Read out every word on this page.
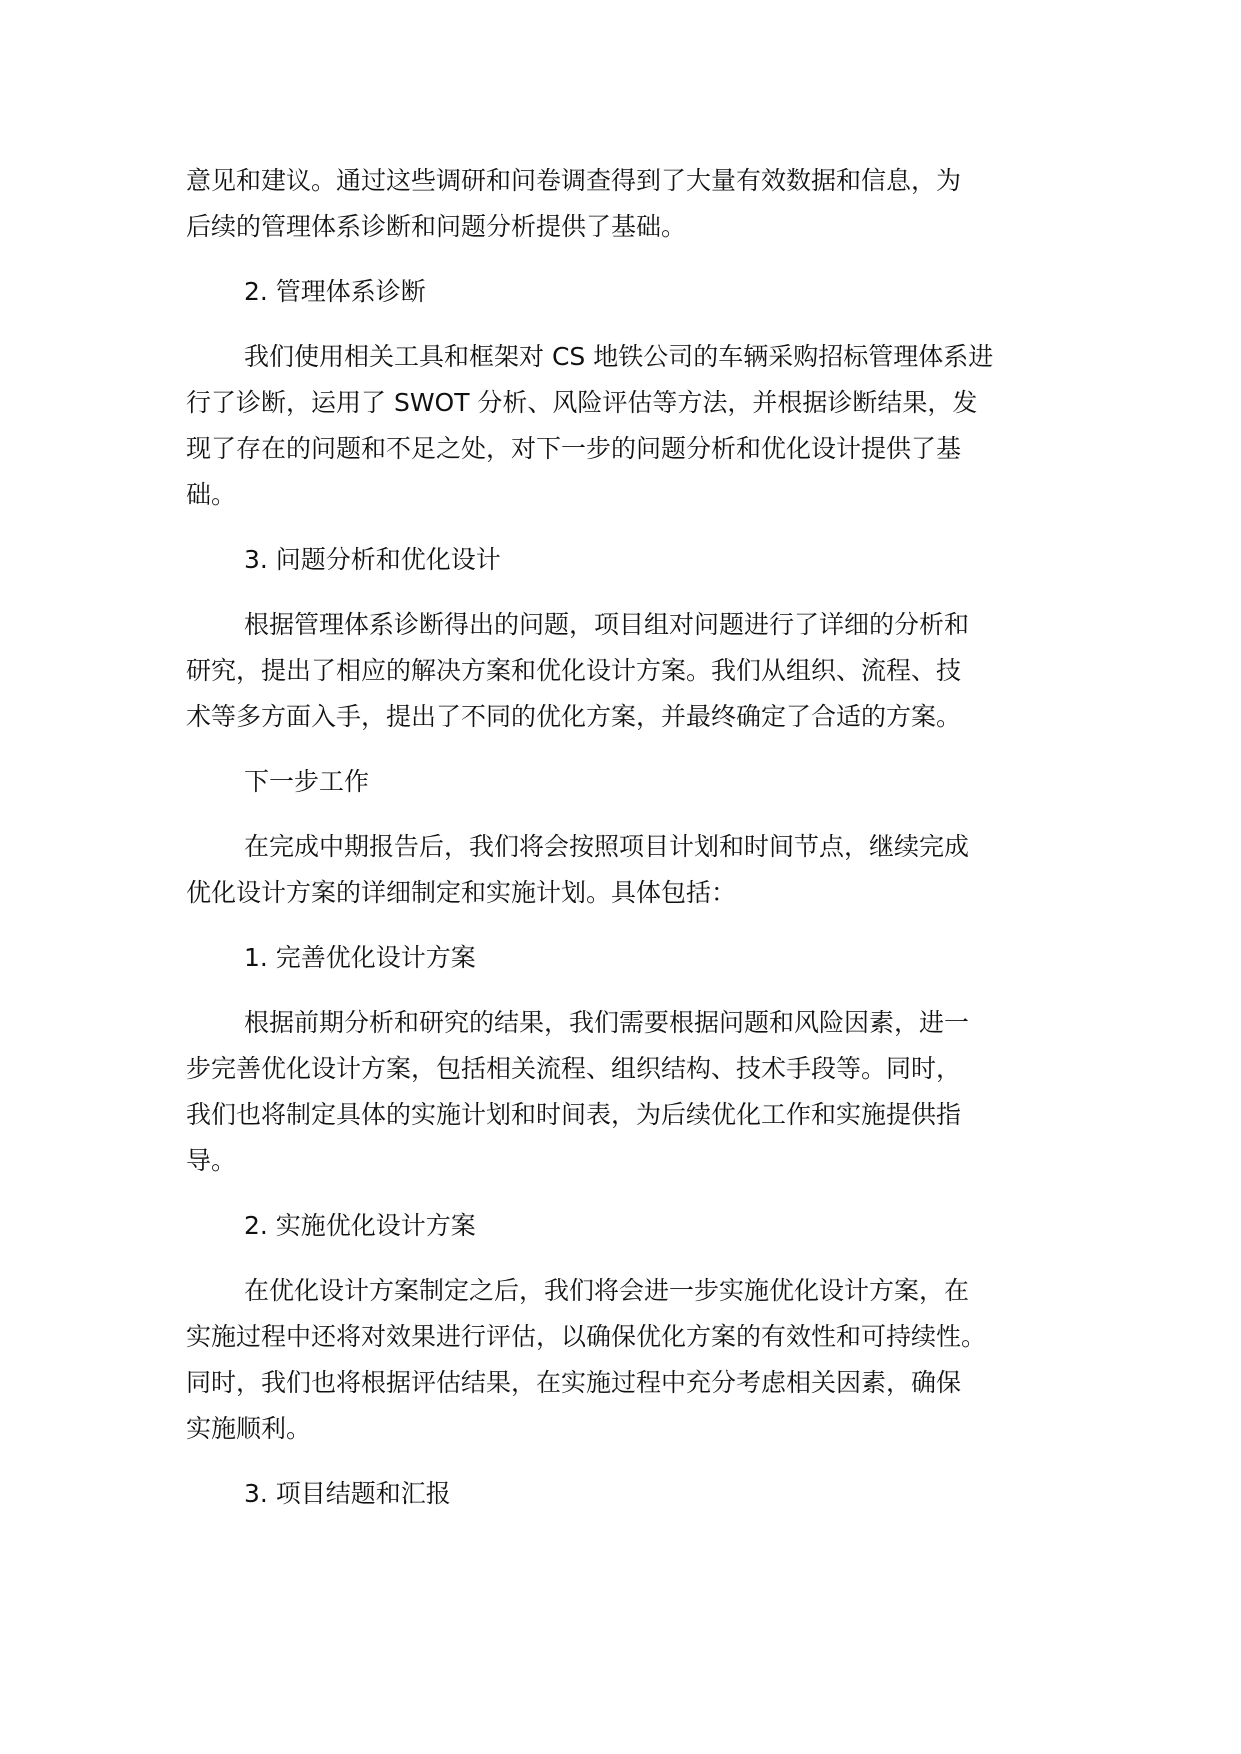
意见和建议。通过这些调研和问卷调查得到了大量有效数据和信息，为
后续的管理体系诊断和问题分析提供了基础。
2. 管理体系诊断
我们使用相关工具和框架对 CS 地铁公司的车辆采购招标管理体系进
行了诊断，运用了 SWOT 分析、风险评估等方法，并根据诊断结果，发
现了存在的问题和不足之处，对下一步的问题分析和优化设计提供了基
础。
3. 问题分析和优化设计
根据管理体系诊断得出的问题，项目组对问题进行了详细的分析和
研究，提出了相应的解决方案和优化设计方案。我们从组织、流程、技
术等多方面入手，提出了不同的优化方案，并最终确定了合适的方案。
下一步工作
在完成中期报告后，我们将会按照项目计划和时间节点，继续完成
优化设计方案的详细制定和实施计划。具体包括：
1. 完善优化设计方案
根据前期分析和研究的结果，我们需要根据问题和风险因素，进一
步完善优化设计方案，包括相关流程、组织结构、技术手段等。同时，
我们也将制定具体的实施计划和时间表，为后续优化工作和实施提供指
导。
2. 实施优化设计方案
在优化设计方案制定之后，我们将会进一步实施优化设计方案，在
实施过程中还将对效果进行评估，以确保优化方案的有效性和可持续性。
同时，我们也将根据评估结果，在实施过程中充分考虑相关因素，确保
实施顺利。
3. 项目结题和汇报
